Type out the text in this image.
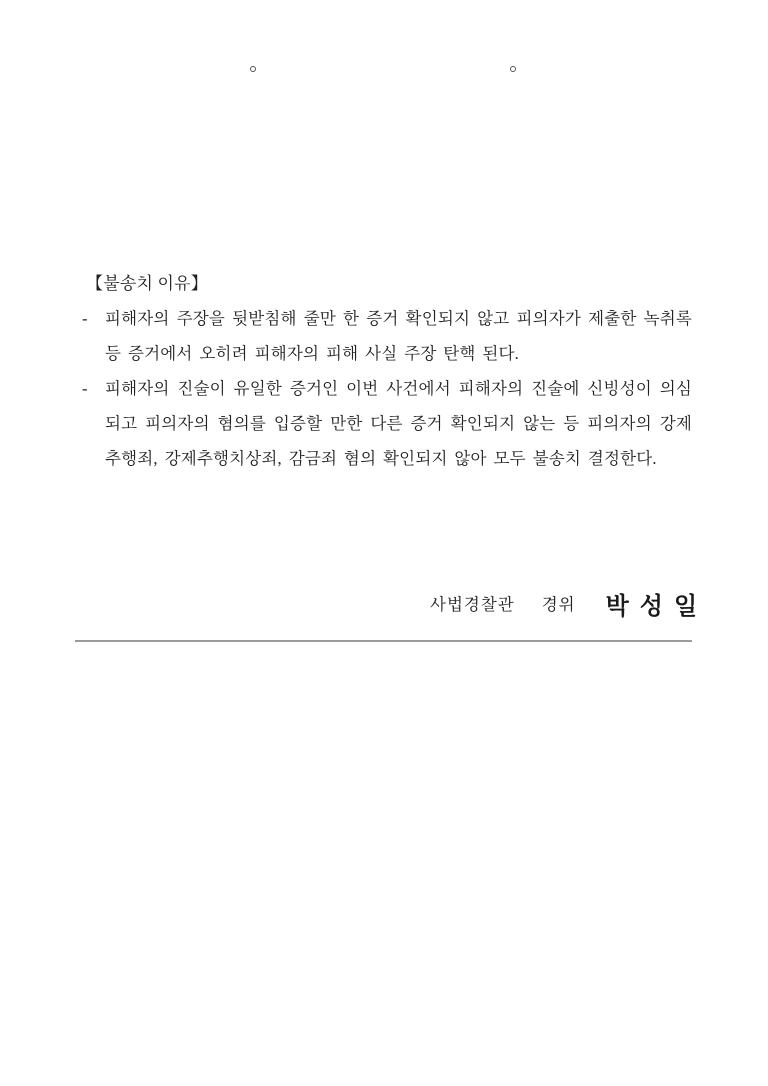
【불송치 이유】
-	피해자의 주장을 뒷받침해 줄만 한 증거 확인되지 않고 피의자가 제출한 녹취록 등 증거에서 오히려 피해자의 피해 사실 주장 탄핵 된다.
-	피해자의 진술이 유일한 증거인 이번 사건에서 피해자의 진술에 신빙성이 의심되고 피의자의 혐의를 입증할 만한 다른 증거 확인되지 않는 등 피의자의 강제추행죄, 강제추행치상죄, 감금죄 혐의 확인되지 않아 모두 불송치 결정한다.
사법경찰관 경위 박성일
